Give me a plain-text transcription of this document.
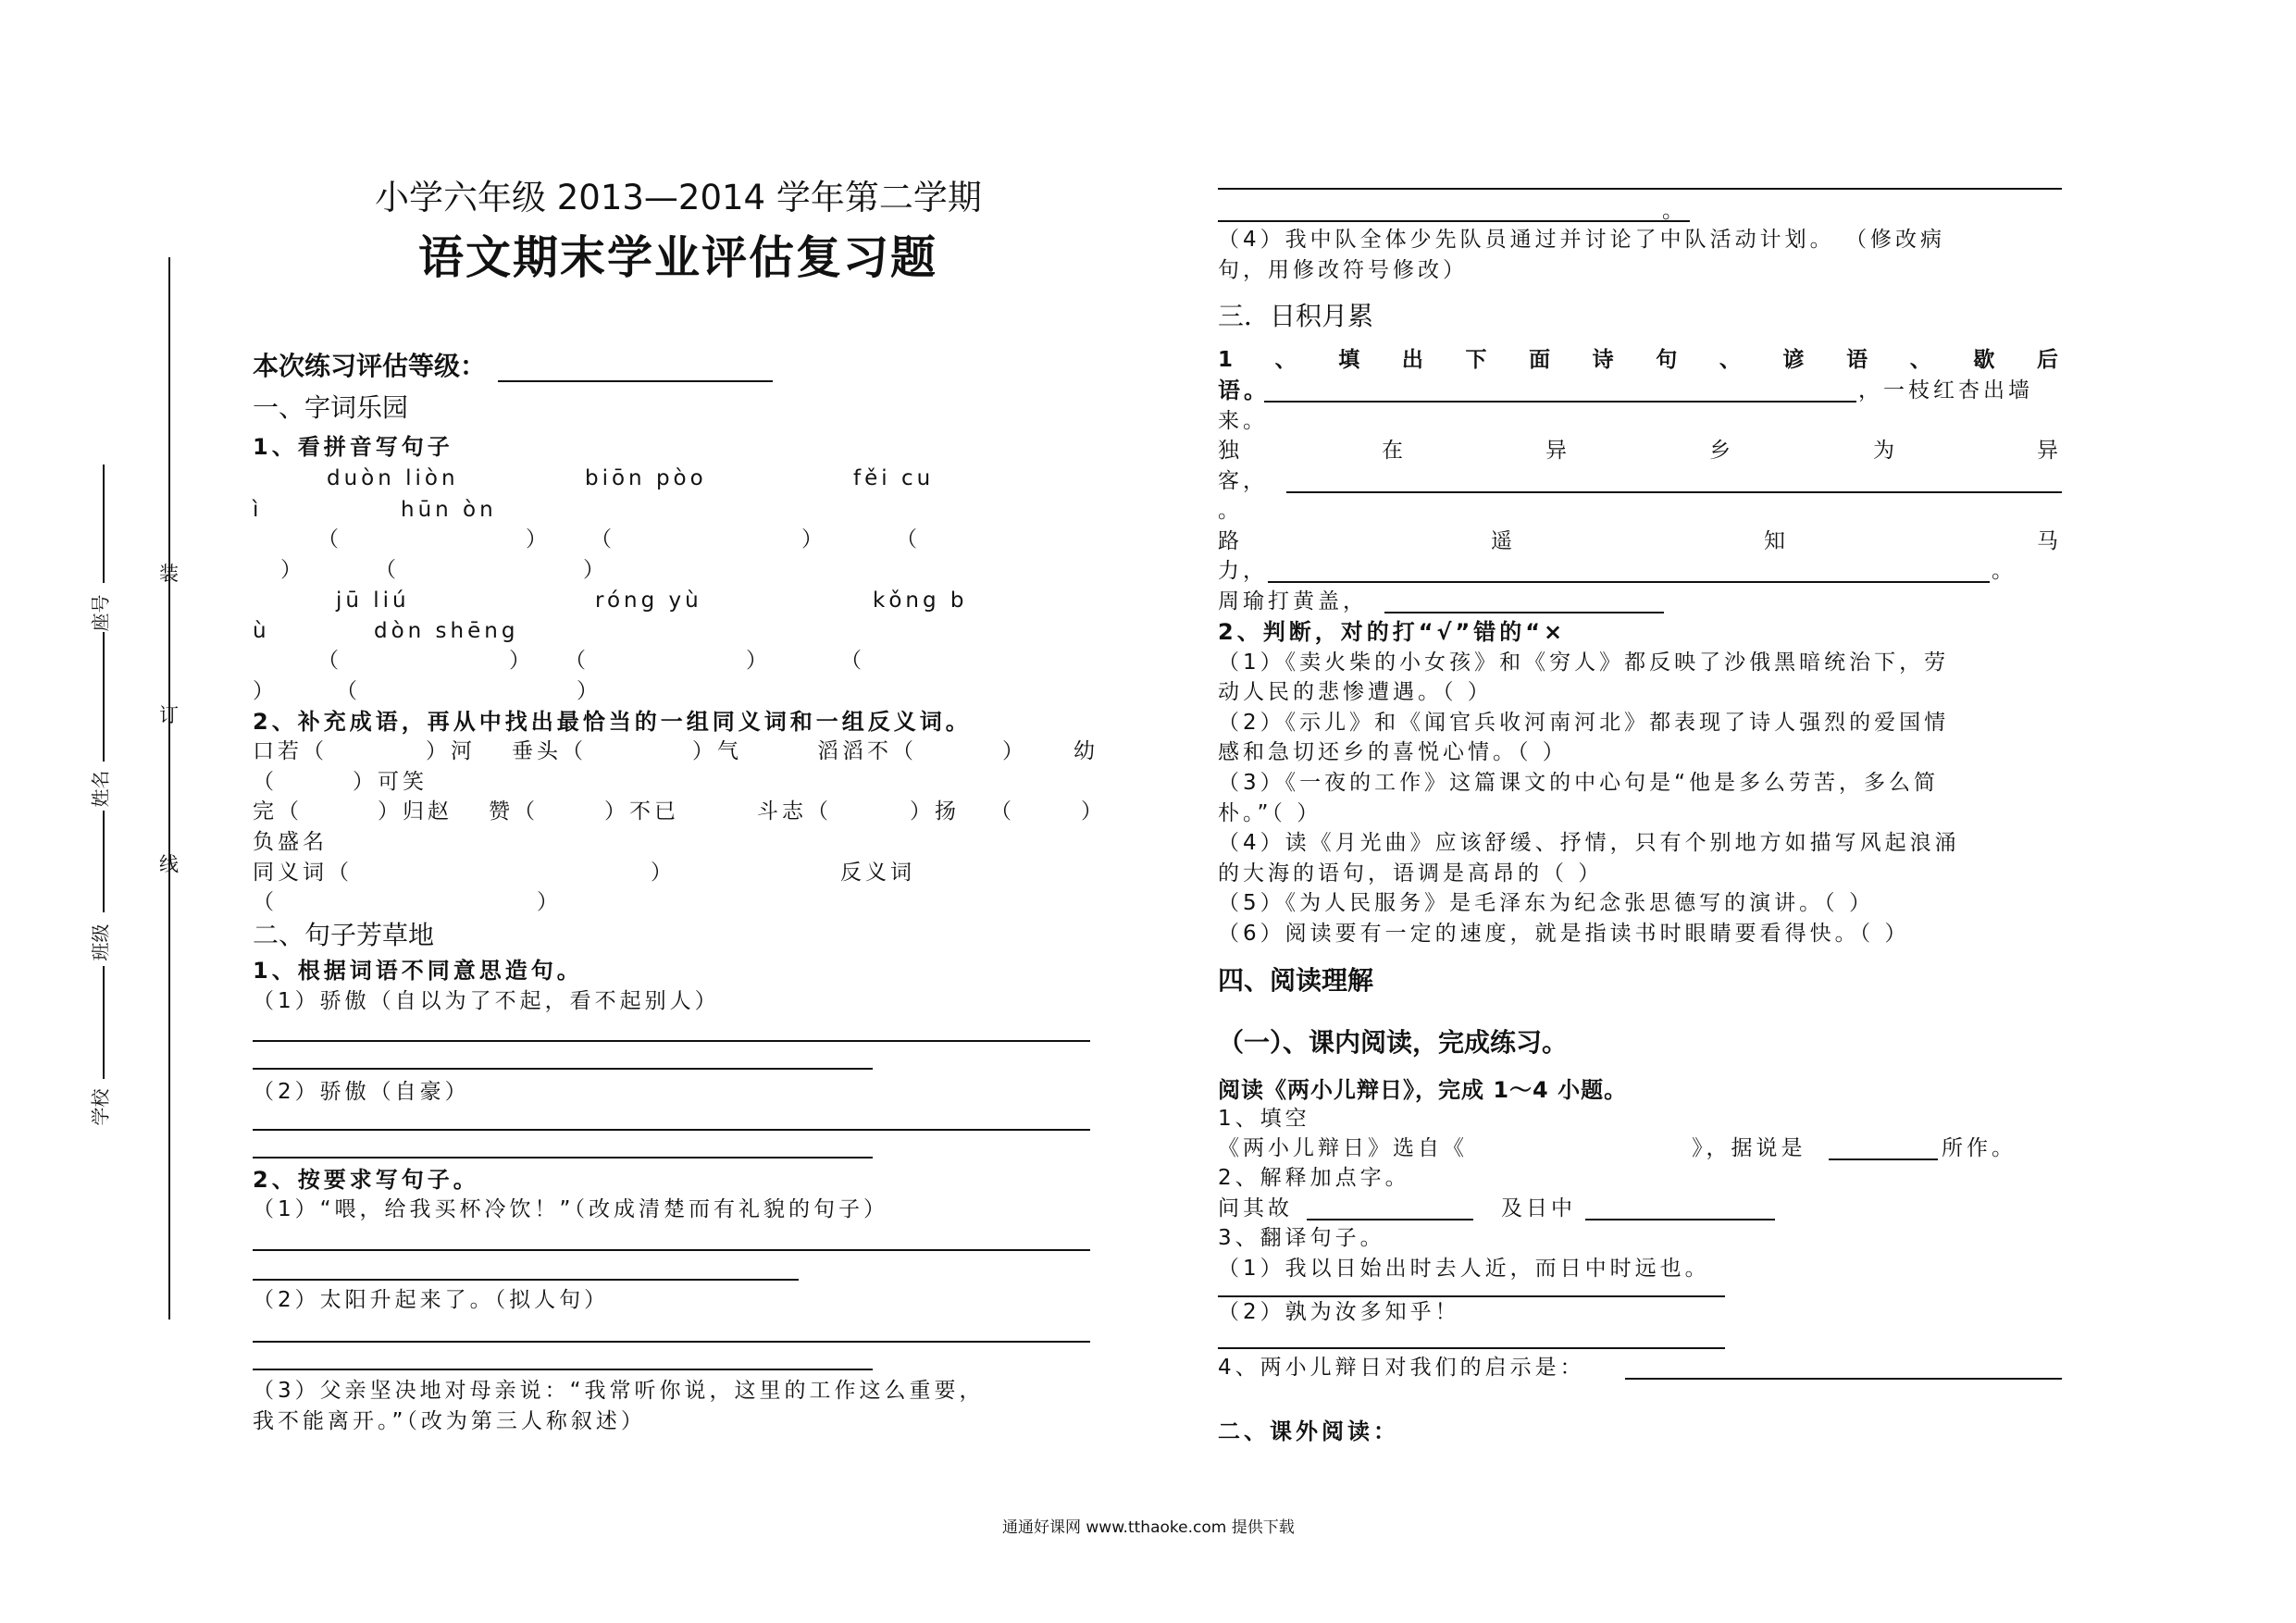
装
订
线
座号
姓名
班级
学校
小学六年级 2013—2014 学年第二学期
语文期末学业评估复习题
本次练习评估等级：
一、字词乐园
1、看拼音写句子
duòn liòn	biōn pòo	fěi cu
ì	hūn òn
（	） （	）	（
）	（	）
jū liú	róng yù	kǒng b
ù	dòn shēng
（	） （	）	（
）	（	）
2、补充成语，再从中找出最恰当的一组同义词和一组反义词。
口若（	）河 垂头（	）气	滔滔不（	） 幼
（	）可笑
完（	）归赵 赞（	）不已	斗志（	）扬 （	）
负盛名
同义词（	）	反义词
（	）
二、句子芳草地
1、根据词语不同意思造句。
（1）骄傲（自以为了不起，看不起别人）
（2）骄傲（自豪）
2、按要求写句子。
（1）“喂，给我买杯冷饮！”（改成清楚而有礼貌的句子）
（2）太阳升起来了。（拟人句）
（3）父亲坚决地对母亲说：“我常听你说，这里的工作这么重要，
我不能离开。”（改为第三人称叙述）
。
（4）我中队全体少先队员通过并讨论了中队活动计划。 （修改病
句，用修改符号修改）
三．日积月累
1 、 填 出 下 面 诗 句 、 谚 语 、 歇 后
语。	，一枝红杏出墙
来。
独	在	异	乡	为	异
客，
。
路	遥	知	马
力，	。
周瑜打黄盖，
2、判断，对的打“√”错的“×
（1）《卖火柴的小女孩》和《穷人》都反映了沙俄黑暗统治下，劳
动人民的悲惨遭遇。（ ）
（2）《示儿》和《闻官兵收河南河北》都表现了诗人强烈的爱国情
感和急切还乡的喜悦心情。（ ）
（3）《一夜的工作》这篇课文的中心句是“他是多么劳苦，多么简
朴。”（ ）
（4）读《月光曲》应该舒缓、抒情，只有个别地方如描写风起浪涌
的大海的语句，语调是高昂的（ ）
（5）《为人民服务》是毛泽东为纪念张思德写的演讲。（ ）
（6）阅读要有一定的速度，就是指读书时眼睛要看得快。（ ）
四、阅读理解
（一）、课内阅读，完成练习。
阅读《两小儿辩日》，完成 1～4 小题。
1、填空
《两小儿辩日》选自《	》，据说是	所作。
2、解释加点字。
问其故	及日中
3、翻译句子。
（1）我以日始出时去人近，而日中时远也。
（2）孰为汝多知乎！
4、两小儿辩日对我们的启示是：
二、课外阅读：
通通好课网 www.tthaoke.com 提供下载
